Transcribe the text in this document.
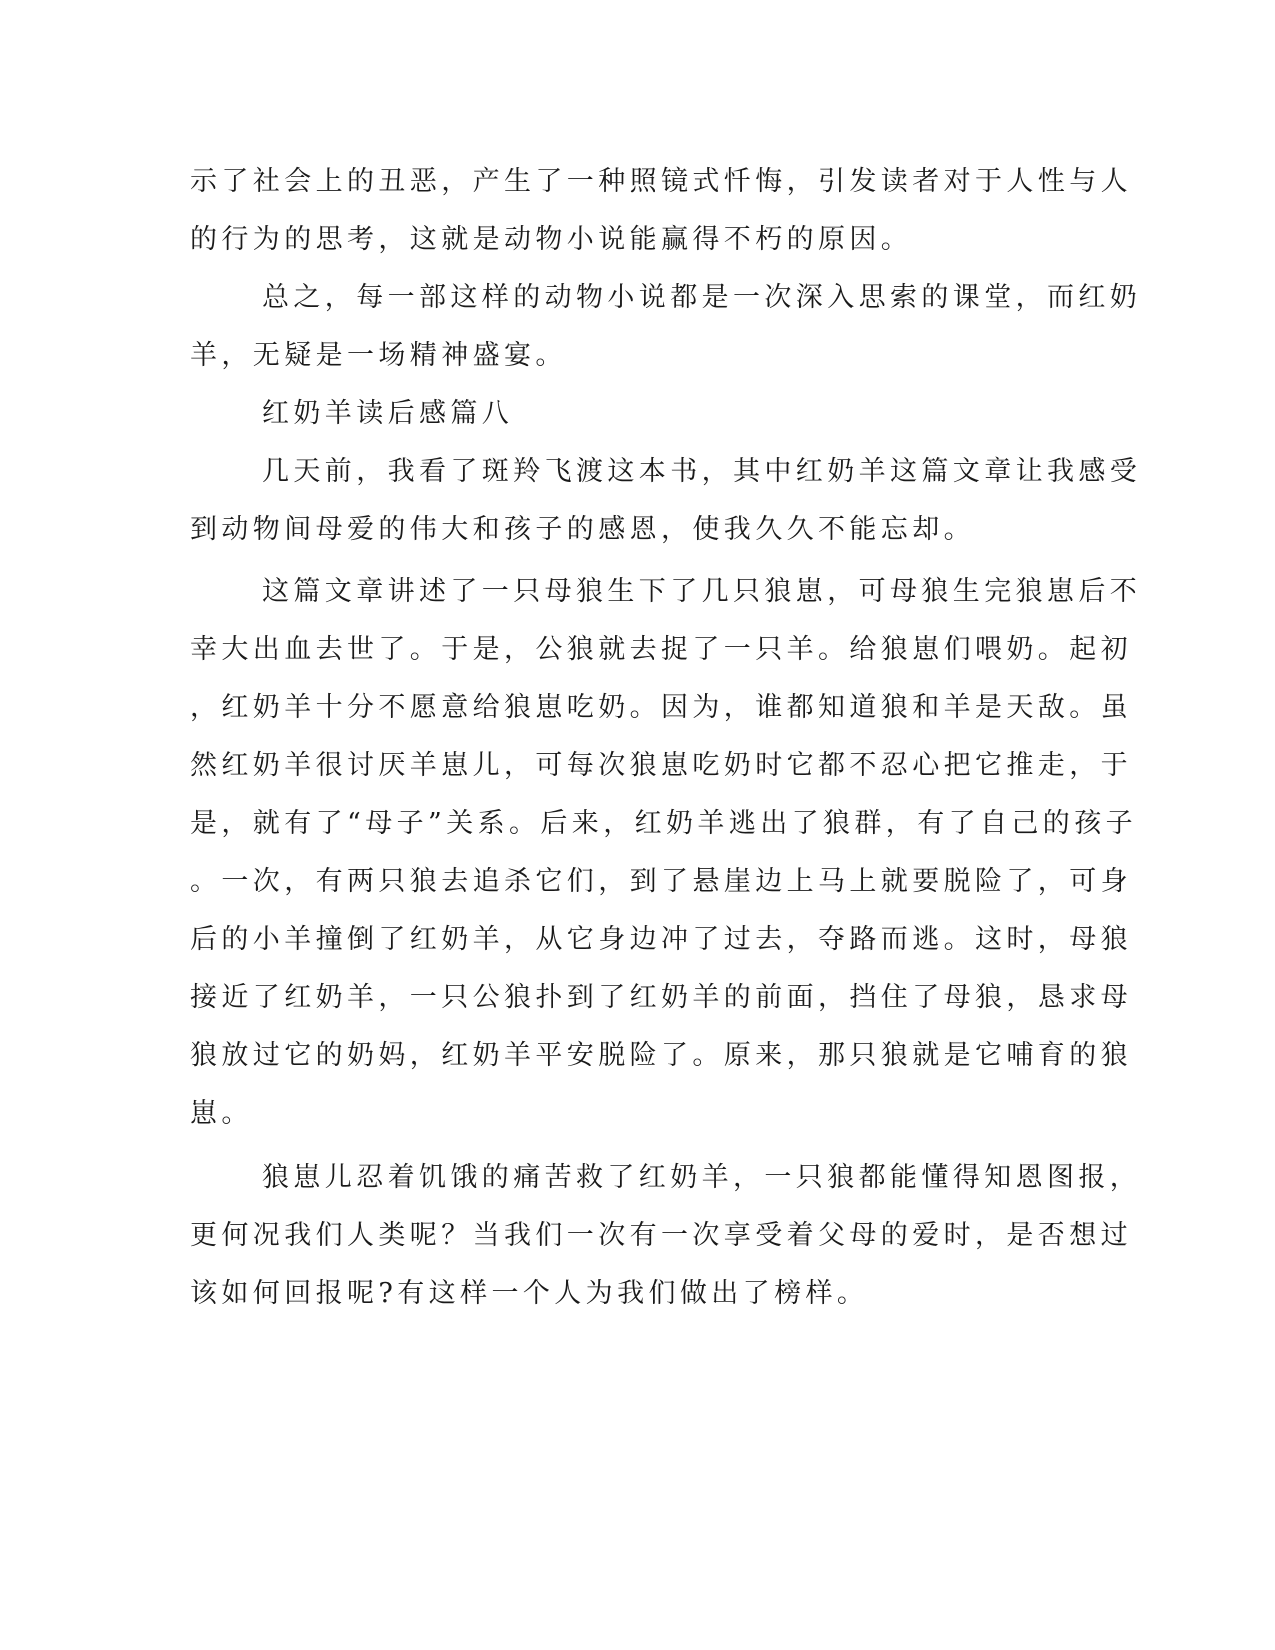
示了社会上的丑恶，产生了一种照镜式忏悔，引发读者对于人性与人
的行为的思考，这就是动物小说能赢得不朽的原因。
总之，每一部这样的动物小说都是一次深入思索的课堂，而红奶
羊，无疑是一场精神盛宴。
红奶羊读后感篇八
几天前，我看了斑羚飞渡这本书，其中红奶羊这篇文章让我感受
到动物间母爱的伟大和孩子的感恩，使我久久不能忘却。
这篇文章讲述了一只母狼生下了几只狼崽，可母狼生完狼崽后不
幸大出血去世了。于是，公狼就去捉了一只羊。给狼崽们喂奶。起初
，红奶羊十分不愿意给狼崽吃奶。因为，谁都知道狼和羊是天敌。虽
然红奶羊很讨厌羊崽儿，可每次狼崽吃奶时它都不忍心把它推走，于
是，就有了“母子”关系。后来，红奶羊逃出了狼群，有了自己的孩子
。一次，有两只狼去追杀它们，到了悬崖边上马上就要脱险了，可身
后的小羊撞倒了红奶羊，从它身边冲了过去，夺路而逃。这时，母狼
接近了红奶羊，一只公狼扑到了红奶羊的前面，挡住了母狼，恳求母
狼放过它的奶妈，红奶羊平安脱险了。原来，那只狼就是它哺育的狼
崽。
狼崽儿忍着饥饿的痛苦救了红奶羊，一只狼都能懂得知恩图报，
更何况我们人类呢？当我们一次有一次享受着父母的爱时，是否想过
该如何回报呢?有这样一个人为我们做出了榜样。
